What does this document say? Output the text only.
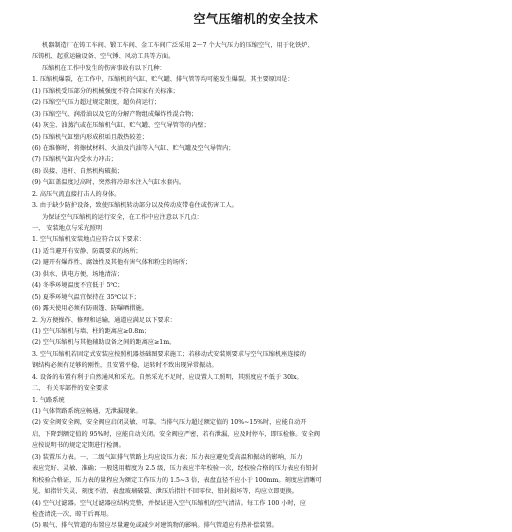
空气压缩机的安全技术
机器制造厂在铸工车间、锻工车间、金工车间广泛采用 2～7 个大气压力的压缩空气，用于化铁炉、
压铸机、起重运输设备、空气锤、风动工具等方面。
压缩机在工作中发生的伤害事故有以下几种：
1. 压缩机爆裂，在工作中，压缩机的气缸、贮气罐、排气管等均可能发生爆裂。其主要原因是：
(1) 压缩机受压部分的机械强度不符合国家有关标准；
(2) 压缩空气压力超过规定限度，超负荷运行；
(3) 压缩空气、润滑油以及它的分解产物组成爆炸性混合物；
(4) 灰尘、油蒸汽或在压缩机气缸、贮气罐、空气导管等的内壁；
(5) 压缩机气缸壁内形成积垢且散热较差；
(6) 在维修时，将擦拭材料、火油及汽油等入气缸、贮气罐及空气导管内；
(7) 压缩机气缸内受水力冲击；
(8) 误接、违杆、自然机构破损；
(9) 气缸盖温度过高时，突然将冷却水注入气缸水套内。
2. 高压气流直接打击人的身体。
3. 由于缺少防护设备，致使压缩机转动部分以及传动皮带卷住或伤害工人。
为保证空气压缩机的运行安全，在工作中应注意以下几点：
一、 安装地点与采光照明
1. 空气压缩机安装地点应符合以下要求：
(1) 适当避开有安静、防震要求的场所；
(2) 避开有爆炸性、腐蚀性及其他有害气体和粉尘的场所；
(3) 供水、供电方便，场地清洁；
(4) 冬季环境温度不宜低于 5℃；
(5) 夏季环境气温宜保持在 35℃以下；
(6) 露天使用必须有防雨篷、防曝晒措施。
2. 为方便操作、修理和运输，通道应满足以下要求：
(1) 空气压缩机与墙、柱的距离应≥0.8m；
(2) 空气压缩机与其他辅助设备之间的距离应≥1m。
3. 空气压缩机若固定式安装应按照机器基础图要求施工；若移动式安装则要求与空气压缩机座连接的
钢结构必须有足够的刚性，且安置平稳，运转时不致出现异常振动。
4. 设备的布置有利于自然通风和采光。自然采光不足时，应设置人工照明，其照度应不低于 30lx。
二、 有关零部件的安全要求
1. 气路系统
(1) 气体管路系统应畅通、无泄漏现象。
(2) 安全阀安全阀，安全阀应启闭灵敏、可靠。当排气压力超过额定值的 10%~15%时，应能自动开
启，下降到额定值的 95%时，应能自动关闭。安全阀应严密，若有泄漏，应及时停车，即压检修。安全阀
应按说明书的规定定期进行检测。
(3) 装置压力表。一、二级气缸排气管路上均应设压力表；压力表应避免受高温和振动的影响，压力
表应完好、灵敏、准确；一般选用精度为 2.5 级，压力表应半年校验一次，经校验合格的压力表应有铅封
和校验合格证，压力表的量程应为额定工作压力的 1.5~3 倍，表盘直径不应小于 100mm。刻度应清晰可
见，如指针失灵、刻度不清、表盘玻璃破裂、泄压后指针不回零位、铅封损坏等，均应立即更换。
(4) 空气过滤器。空气过滤器应结构完整，并保证进入空气压缩机的空气清洁。每工作 100 小时，应
检查清洗一次，晾干后再用。
(5) 吸气、排气管道的布置应尽量避免或减少对建筑物的影响。排气管道应有热补偿装置。
